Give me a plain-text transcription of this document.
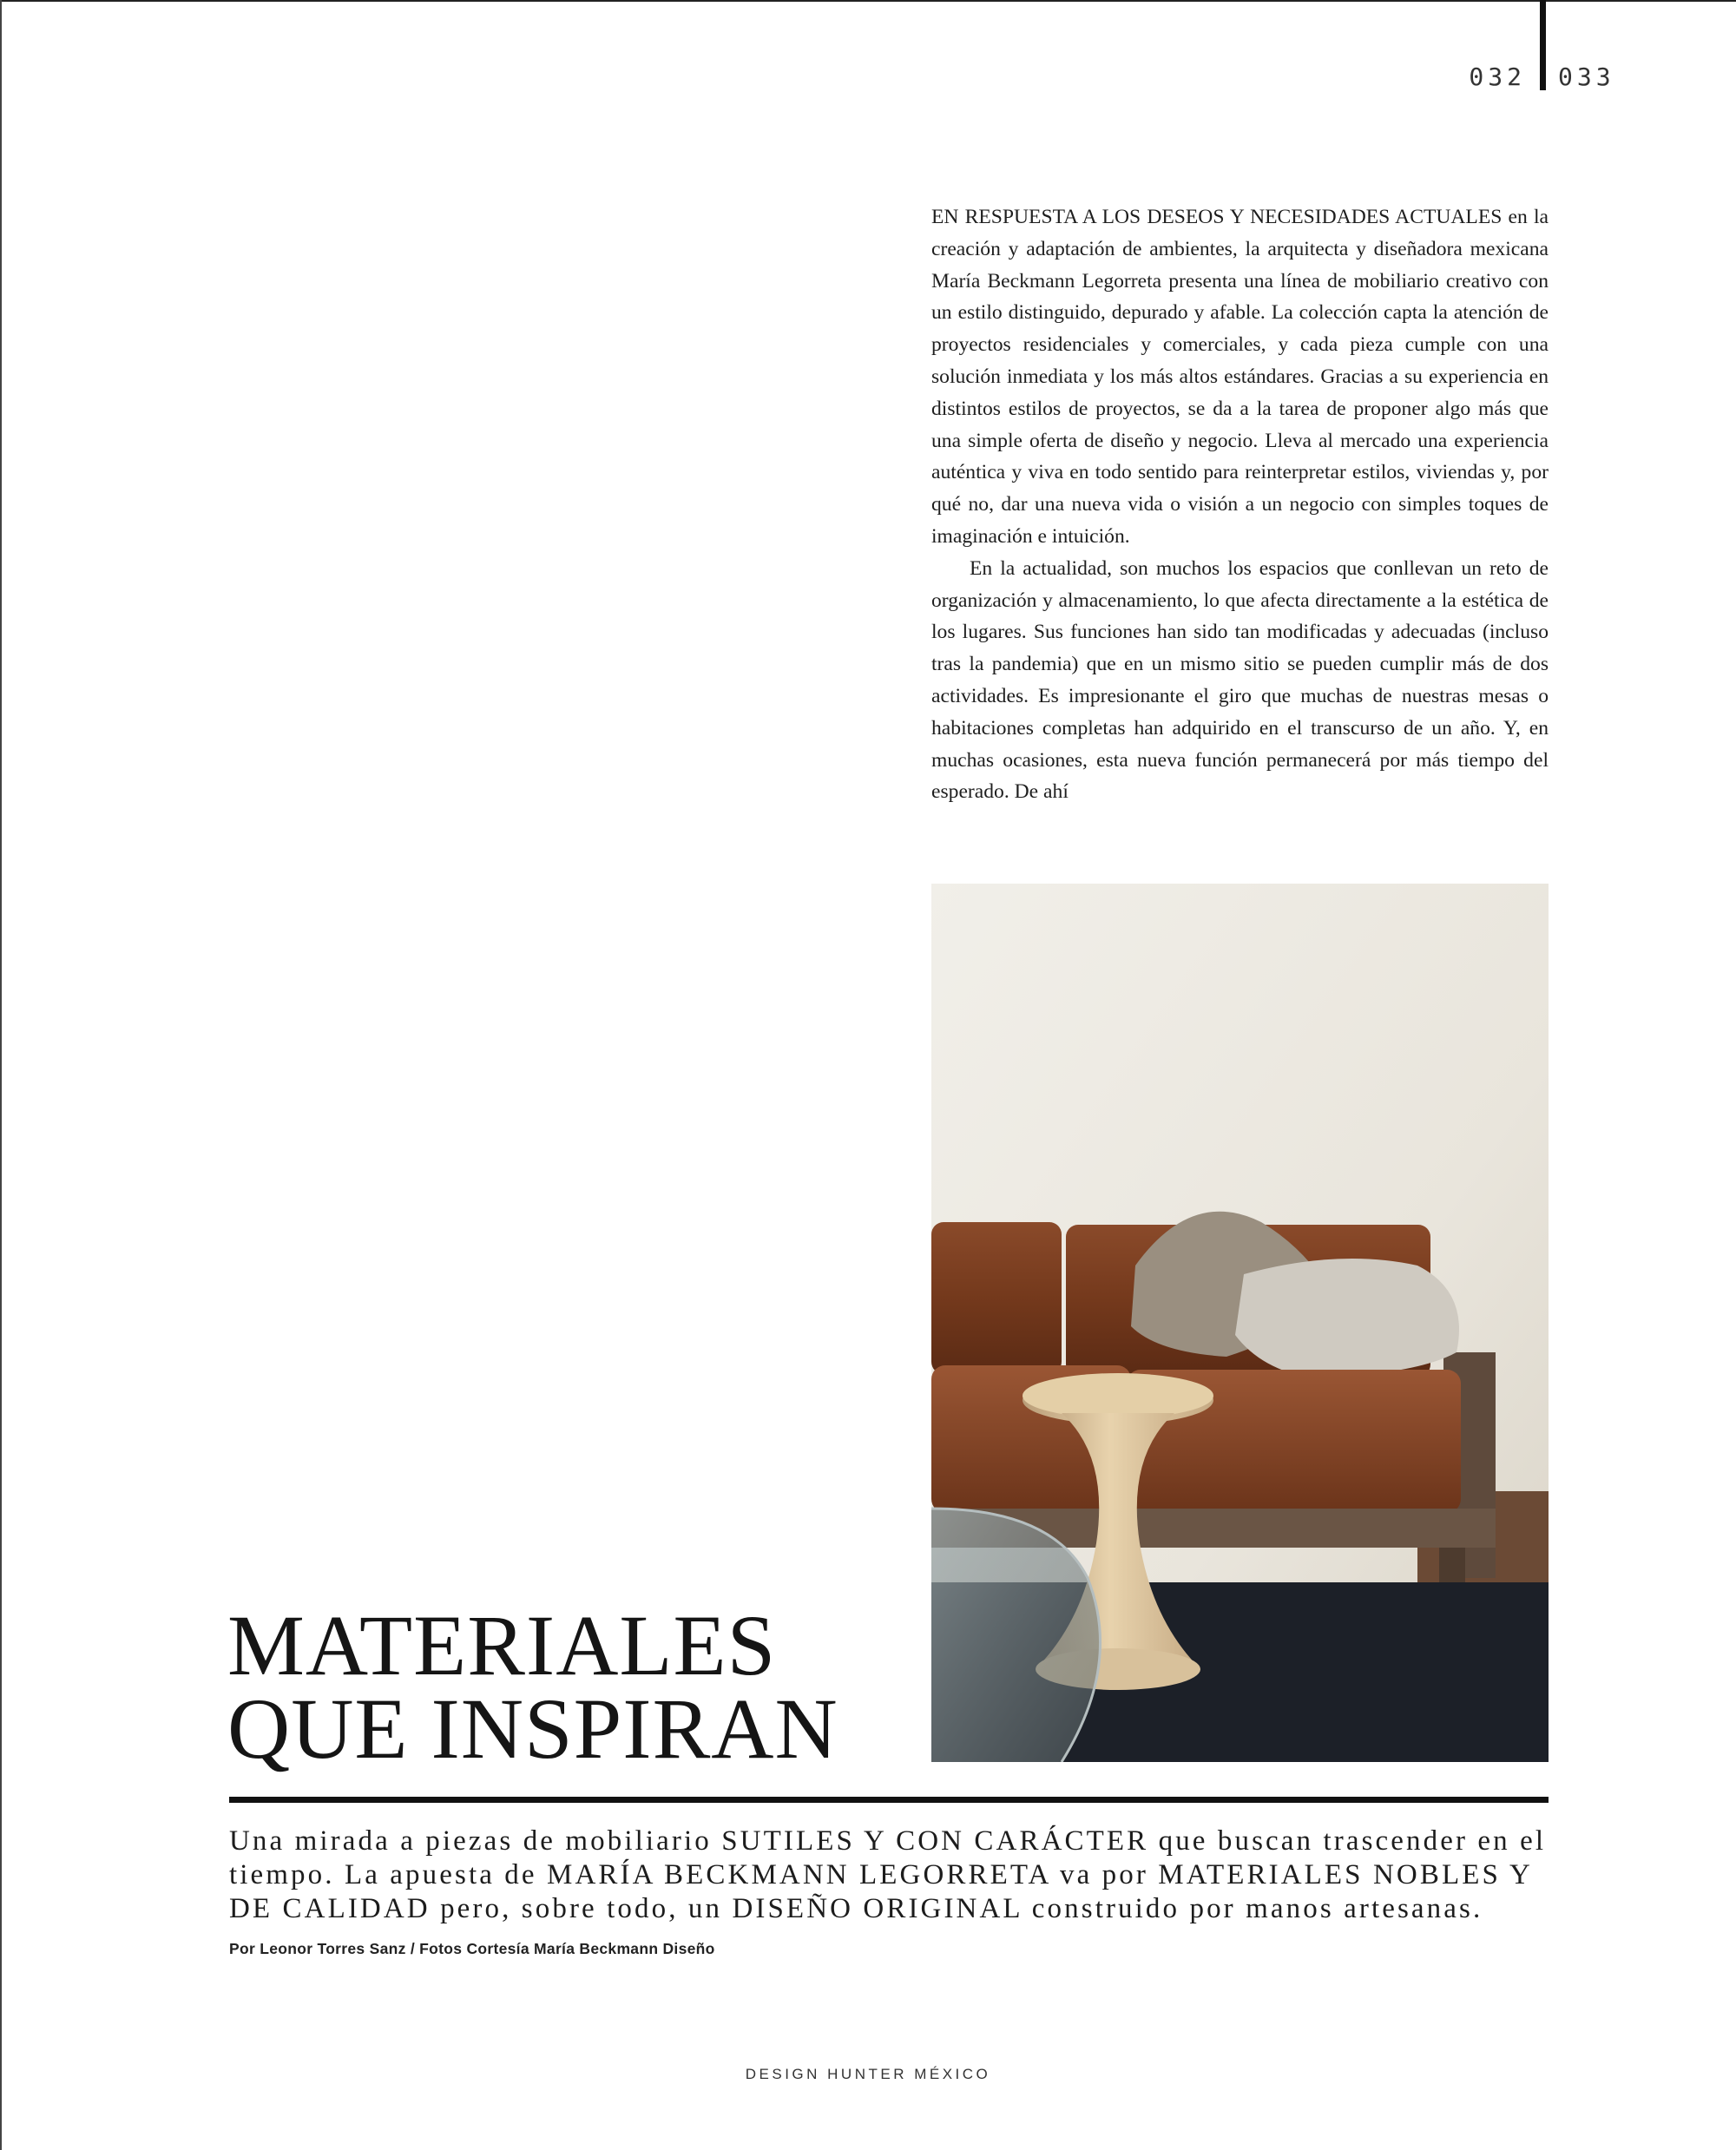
032 033

EN RESPUESTA A LOS DESEOS Y NECESIDADES ACTUALES en la creación y adaptación de ambientes, la arquitecta y diseñadora mexicana María Beckmann Legorreta presenta una línea de mobiliario creativo con un estilo distinguido, depurado y afable. La colección capta la atención de proyectos residenciales y comerciales, y cada pieza cumple con una solución inmediata y los más altos estándares. Gracias a su experiencia en distintos estilos de proyectos, se da a la tarea de proponer algo más que una simple oferta de diseño y negocio. Lleva al mercado una experiencia auténtica y viva en todo sentido para reinterpretar estilos, viviendas y, por qué no, dar una nueva vida o visión a un negocio con simples toques de imaginación e intuición.

En la actualidad, son muchos los espacios que conllevan un reto de organización y almacenamiento, lo que afecta directamente a la estética de los lugares. Sus funciones han sido tan modificadas y adecuadas (incluso tras la pandemia) que en un mismo sitio se pueden cumplir más de dos actividades. Es impresionante el giro que muchas de nuestras mesas o habitaciones completas han adquirido en el transcurso de un año. Y, en muchas ocasiones, esta nueva función permanecerá por más tiempo del esperado. De ahí

MATERIALES
QUE INSPIRAN

Una mirada a piezas de mobiliario SUTILES Y CON CARÁCTER que buscan trascender en el tiempo. La apuesta de MARÍA BECKMANN LEGORRETA va por MATERIALES NOBLES Y DE CALIDAD pero, sobre todo, un DISEÑO ORIGINAL construido por manos artesanas.

Por Leonor Torres Sanz / Fotos Cortesía María Beckmann Diseño
DESIGN HUNTER MÉXICO
